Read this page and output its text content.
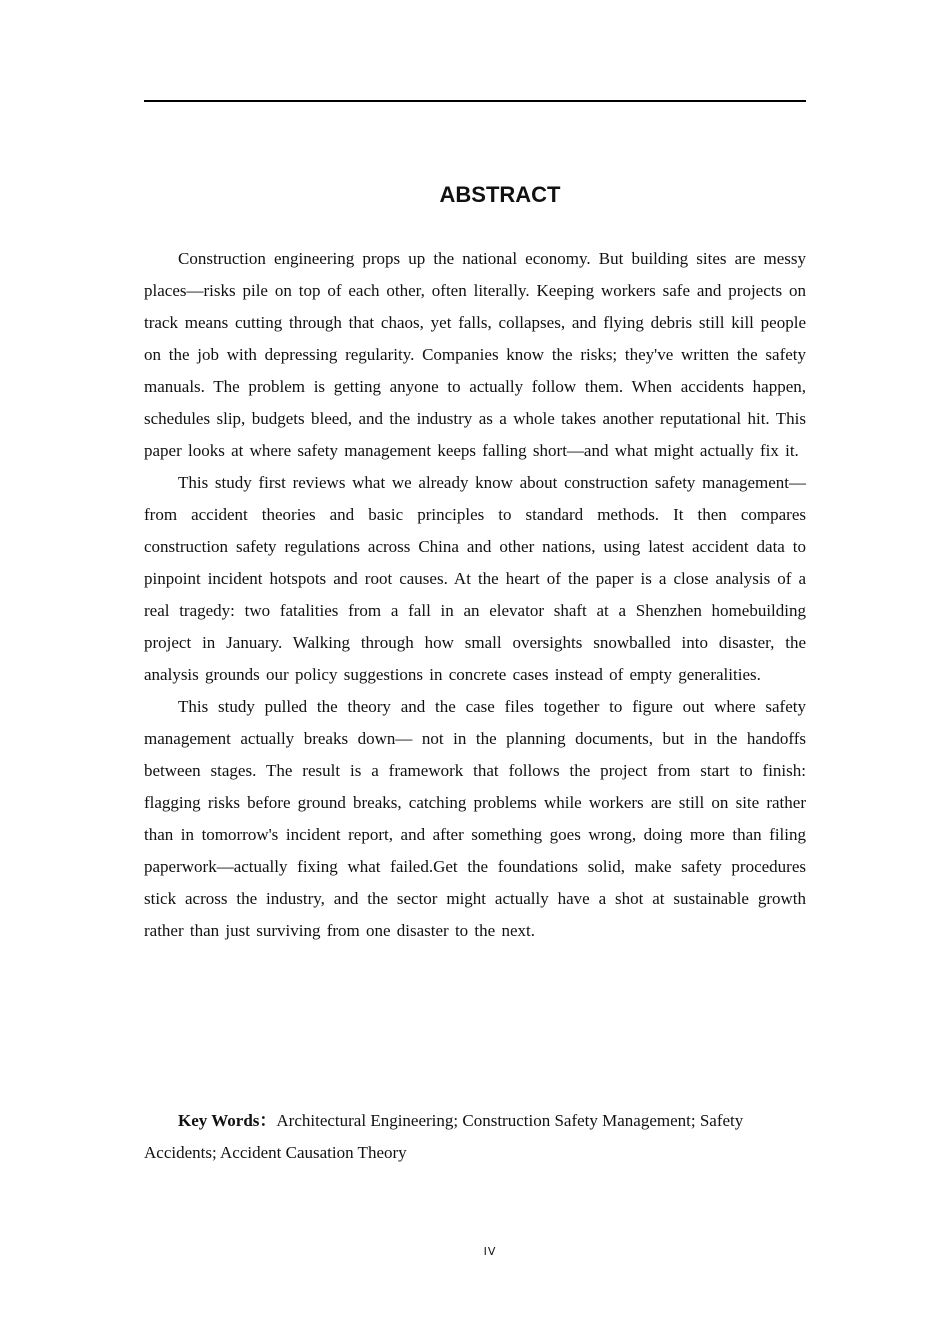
ABSTRACT

Construction engineering props up the national economy. But building sites are messy places—risks pile on top of each other, often literally. Keeping workers safe and projects on track means cutting through that chaos, yet falls, collapses, and flying debris still kill people on the job with depressing regularity. Companies know the risks; they've written the safety manuals. The problem is getting anyone to actually follow them. When accidents happen, schedules slip, budgets bleed, and the industry as a whole takes another reputational hit. This paper looks at where safety management keeps falling short—and what might actually fix it.

This study first reviews what we already know about construction safety management—from accident theories and basic principles to standard methods. It then compares construction safety regulations across China and other nations, using latest accident data to pinpoint incident hotspots and root causes. At the heart of the paper is a close analysis of a real tragedy: two fatalities from a fall in an elevator shaft at a Shenzhen homebuilding project in January. Walking through how small oversights snowballed into disaster, the analysis grounds our policy suggestions in concrete cases instead of empty generalities.

This study pulled the theory and the case files together to figure out where safety management actually breaks down— not in the planning documents, but in the handoffs between stages. The result is a framework that follows the project from start to finish: flagging risks before ground breaks, catching problems while workers are still on site rather than in tomorrow's incident report, and after something goes wrong, doing more than filing paperwork—actually fixing what failed.Get the foundations solid, make safety procedures stick across the industry, and the sector might actually have a shot at sustainable growth rather than just surviving from one disaster to the next.

Key Words：Architectural Engineering; Construction Safety Management; Safety Accidents; Accident Causation Theory

IV
